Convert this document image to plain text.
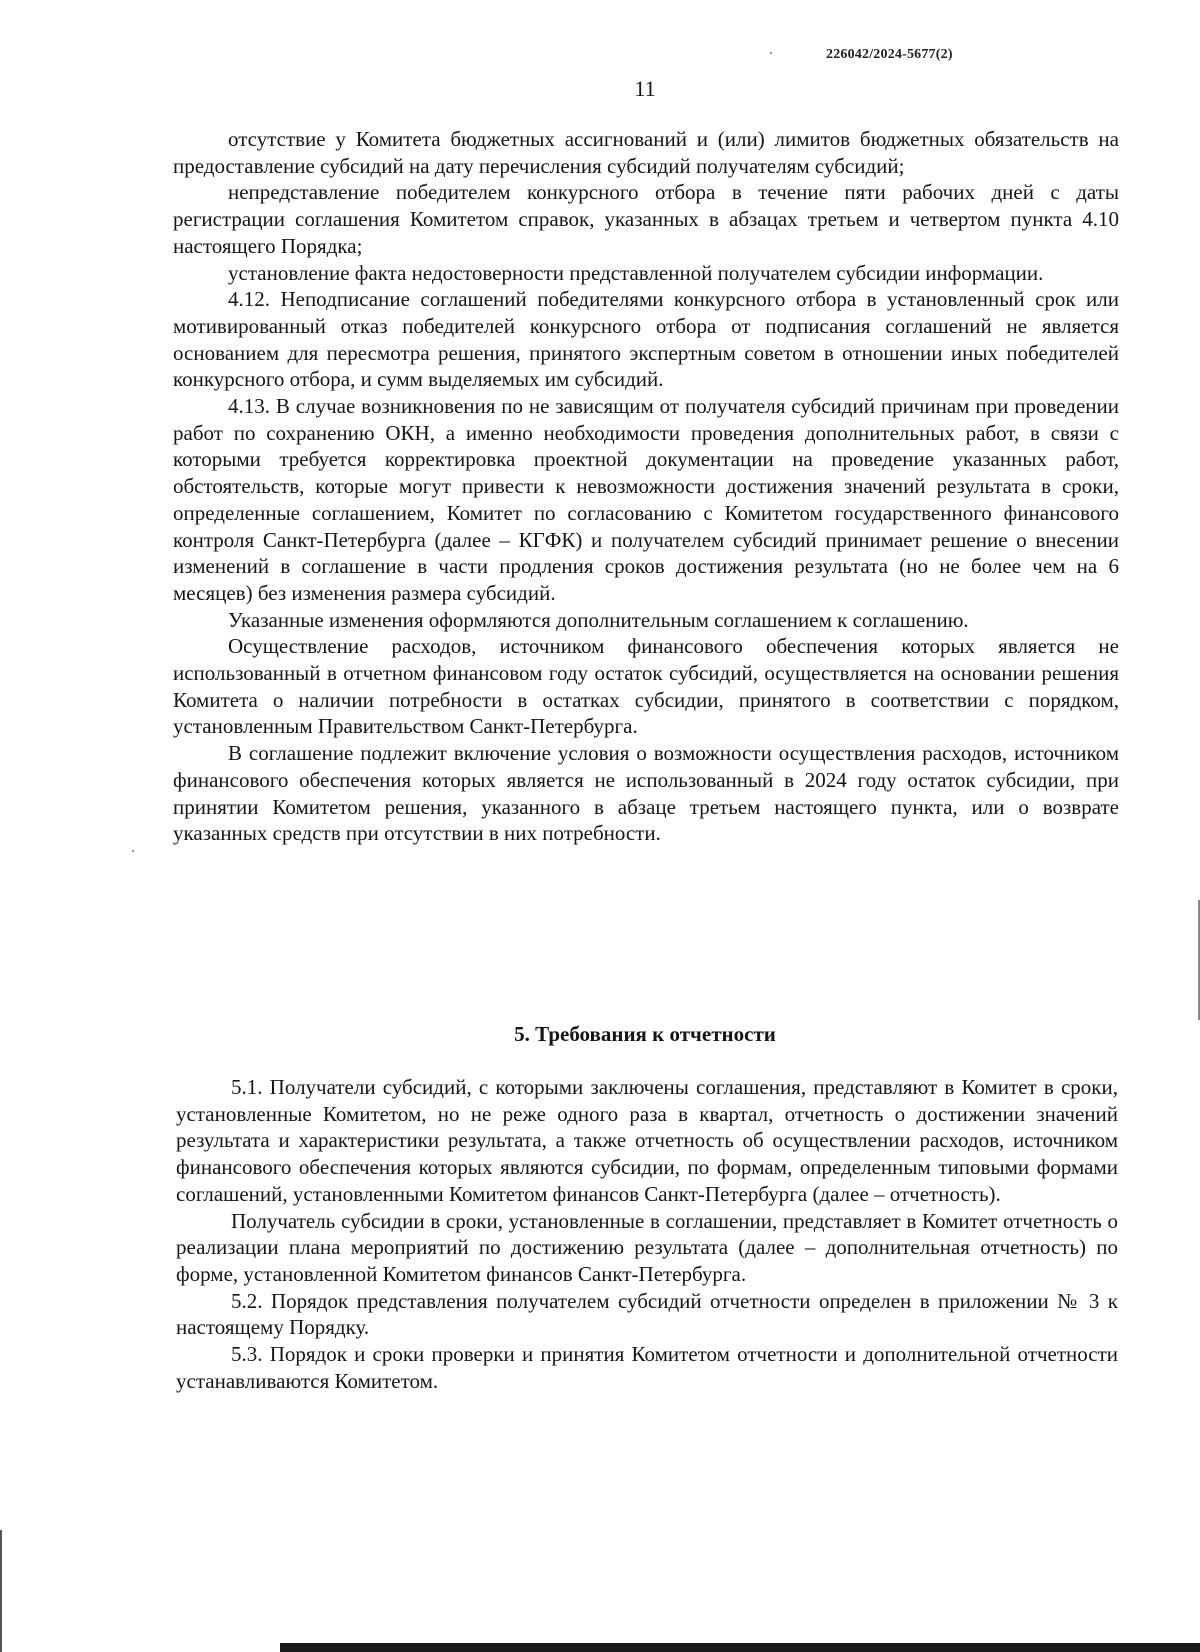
226042/2024-5677(2)
11

отсутствие у Комитета бюджетных ассигнований и (или) лимитов бюджетных обязательств на предоставление субсидий на дату перечисления субсидий получателям субсидий;

непредставление победителем конкурсного отбора в течение пяти рабочих дней с даты регистрации соглашения Комитетом справок, указанных в абзацах третьем и четвертом пункта 4.10 настоящего Порядка;

установление факта недостоверности представленной получателем субсидии информации.

4.12. Неподписание соглашений победителями конкурсного отбора в установленный срок или мотивированный отказ победителей конкурсного отбора от подписания соглашений не является основанием для пересмотра решения, принятого экспертным советом в отношении иных победителей конкурсного отбора, и сумм выделяемых им субсидий.

4.13. В случае возникновения по не зависящим от получателя субсидий причинам при проведении работ по сохранению ОКН, а именно необходимости проведения дополнительных работ, в связи с которыми требуется корректировка проектной документации на проведение указанных работ, обстоятельств, которые могут привести к невозможности достижения значений результата в сроки, определенные соглашением, Комитет по согласованию с Комитетом государственного финансового контроля Санкт-Петербурга (далее – КГФК) и получателем субсидий принимает решение о внесении изменений в соглашение в части продления сроков достижения результата (но не более чем на 6 месяцев) без изменения размера субсидий.

Указанные изменения оформляются дополнительным соглашением к соглашению.

Осуществление расходов, источником финансового обеспечения которых является не использованный в отчетном финансовом году остаток субсидий, осуществляется на основании решения Комитета о наличии потребности в остатках субсидии, принятого в соответствии с порядком, установленным Правительством Санкт-Петербурга.

В соглашение подлежит включение условия о возможности осуществления расходов, источником финансового обеспечения которых является не использованный в 2024 году остаток субсидии, при принятии Комитетом решения, указанного в абзаце третьем настоящего пункта, или о возврате указанных средств при отсутствии в них потребности.

5. Требования к отчетности

5.1. Получатели субсидий, с которыми заключены соглашения, представляют в Комитет в сроки, установленные Комитетом, но не реже одного раза в квартал, отчетность о достижении значений результата и характеристики результата, а также отчетность об осуществлении расходов, источником финансового обеспечения которых являются субсидии, по формам, определенным типовыми формами соглашений, установленными Комитетом финансов Санкт-Петербурга (далее – отчетность).

Получатель субсидии в сроки, установленные в соглашении, представляет в Комитет отчетность о реализации плана мероприятий по достижению результата (далее – дополнительная отчетность) по форме, установленной Комитетом финансов Санкт-Петербурга.

5.2. Порядок представления получателем субсидий отчетности определен в приложении № 3 к настоящему Порядку.

5.3. Порядок и сроки проверки и принятия Комитетом отчетности и дополнительной отчетности устанавливаются Комитетом.
